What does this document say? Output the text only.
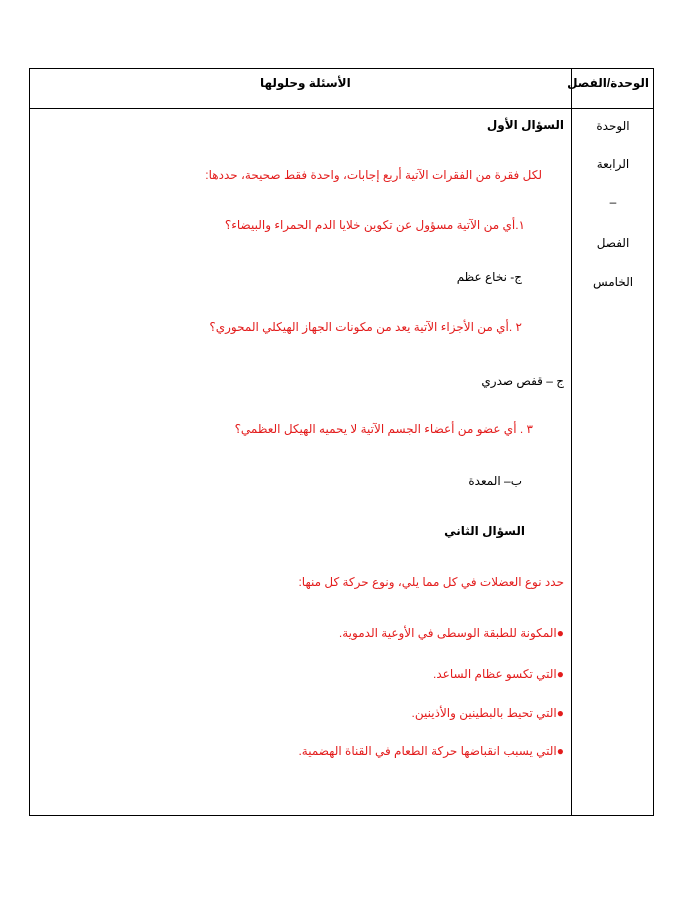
الوحدة/الفصل
الأسئلة وحلولها
الوحدة
الرابعة
–
الفصل
الخامس
السؤال الأول
لكل فقرة من الفقرات الآتية أربع إجابات، واحدة فقط صحيحة، حددها:
١.أي من الآتية مسؤول عن تكوين خلايا الدم الحمراء والبيضاء؟
ج- نخاع عظم
٢ .أي من الأجزاء الآتية يعد من مكونات الجهاز الهيكلي المحوري؟
ج – قفص صدري
٣ . أي عضو من أعضاء الجسم الآتية لا يحميه الهيكل العظمي؟
ب– المعدة
السؤال الثاني
حدد نوع العضلات في كل مما يلي، ونوع حركة كل منها:
●المكونة للطبقة الوسطى في الأوعية الدموية.
●التي تكسو عظام الساعد.
●التي تحيط بالبطينين والأذينين.
●التي يسبب انقباضها حركة الطعام في القناة الهضمية.
